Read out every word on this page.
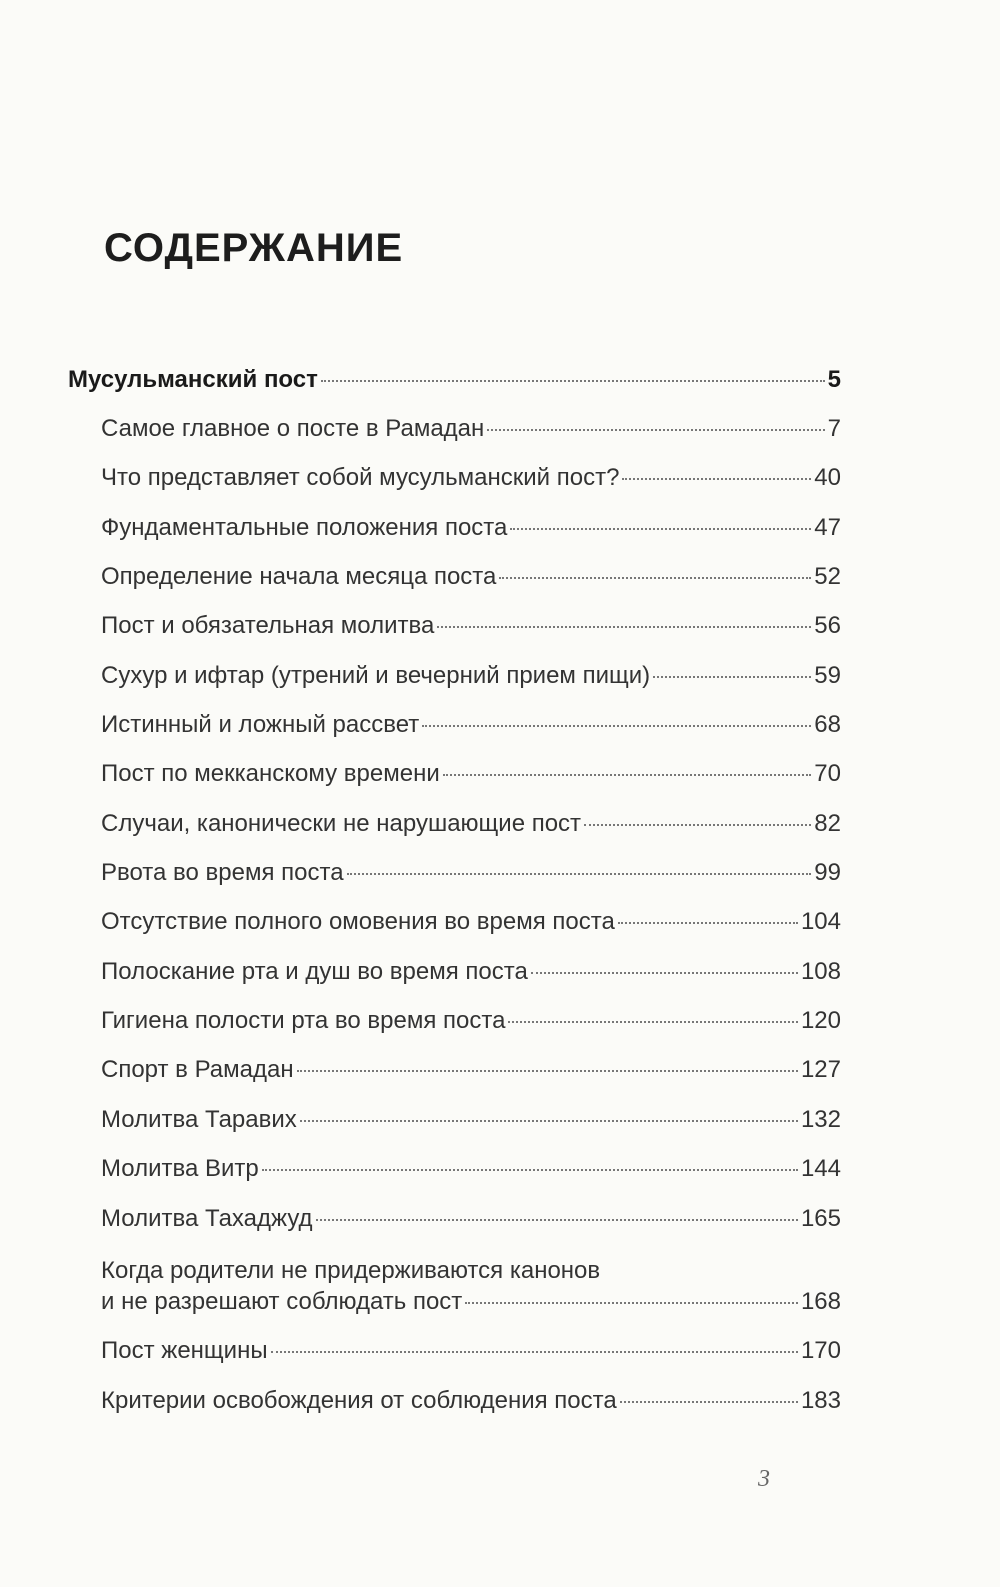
СОДЕРЖАНИЕ
Мусульманский пост	5
Самое главное о посте в Рамадан	7
Что представляет собой мусульманский пост?	40
Фундаментальные положения поста	47
Определение начала месяца поста	52
Пост и обязательная молитва	56
Сухур и ифтар (утрений и вечерний прием пищи)	59
Истинный и ложный рассвет	68
Пост по мекканскому времени	70
Случаи, канонически не нарушающие пост	82
Рвота во время поста	99
Отсутствие полного омовения во время поста	104
Полоскание рта и душ во время поста	108
Гигиена полости рта во время поста	120
Спорт в Рамадан	127
Молитва Таравих	132
Молитва Витр	144
Молитва Тахаджуд	165
Когда родители не придерживаются канонов
и не разрешают соблюдать пост	168
Пост женщины	170
Критерии освобождения от соблюдения поста	183
3
